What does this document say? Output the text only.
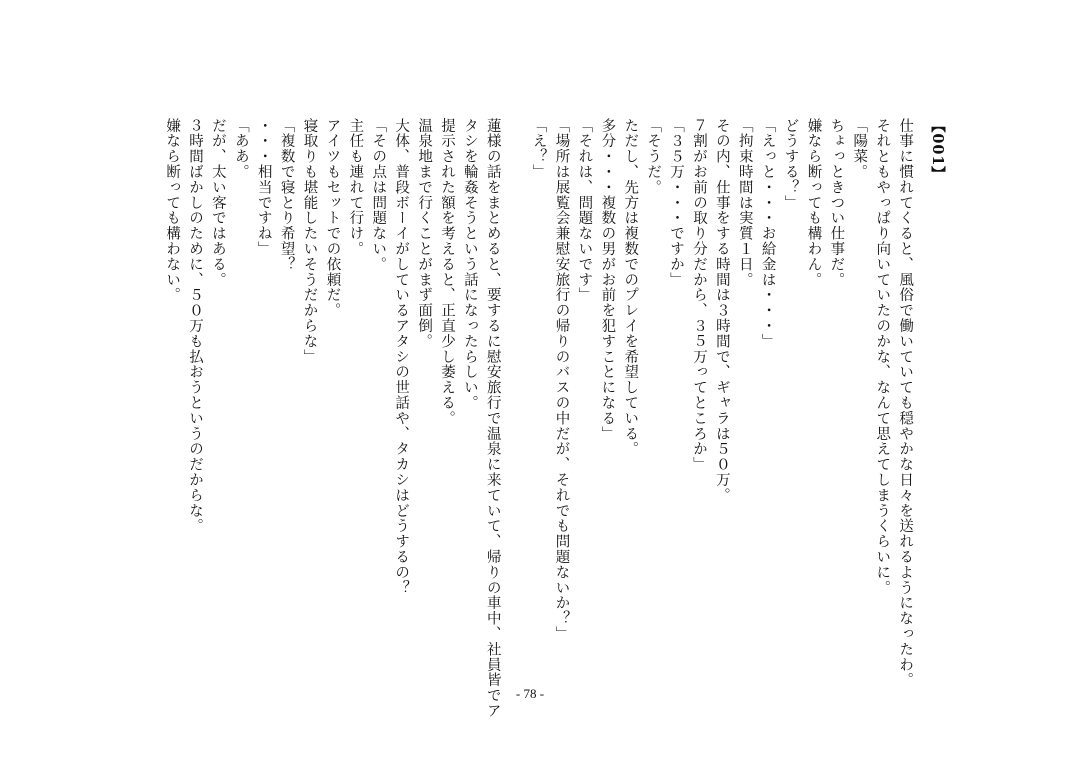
【001】
仕事に慣れてくると、風俗で働いていても穏やかな日々を送れるようになったわ。
それともやっぱり向いていたのかな、なんて思えてしまうくらいに。
「陽菜。
ちょっときつい仕事だ。
嫌なら断っても構わん。
どうする？」
「えっと・・・お給金は・・・」
「拘束時間は実質１日。
その内、仕事をする時間は３時間で、ギャラは５０万。
７割がお前の取り分だから、３５万ってところか」
「３５万・・・ですか」
「そうだ。
ただし、先方は複数でのプレイを希望している。
多分・・・複数の男がお前を犯すことになる」
「それは、問題ないです」
「場所は展覧会兼慰安旅行の帰りのバスの中だが、それでも問題ないか？」
「え？」

蓮様の話をまとめると、要するに慰安旅行で温泉に来ていて、帰りの車中、社員皆でア
タシを輪姦そうという話になったらしい。
提示された額を考えると、正直少し萎える。
温泉地まで行くことがまず面倒。
大体、普段ボーイがしているアタシの世話や、タカシはどうするの？
「その点は問題ない。
主任も連れて行け。
アイツもセットでの依頼だ。
寝取りも堪能したいそうだからな」
「複数で寝とり希望？
・・・相当ですね」
「ああ。
だが、太い客ではある。
３時間ばかしのために、５０万も払おうというのだからな。
嫌なら断っても構わない。
- 78 -
